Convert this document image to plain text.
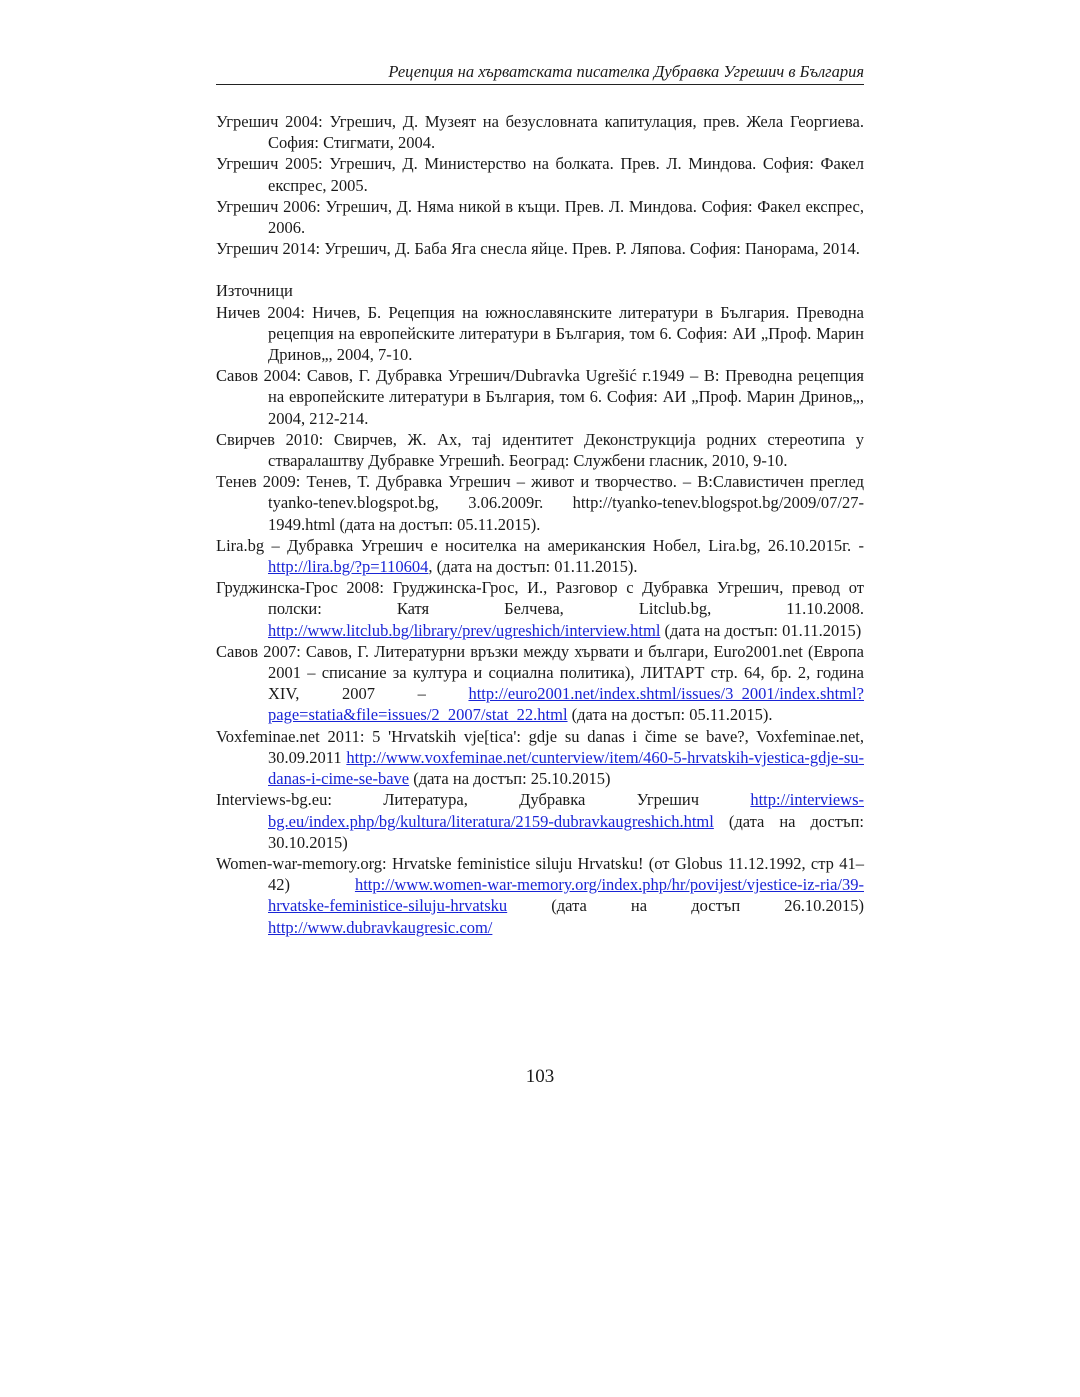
Рецепция на хърватската писателка Дубравка Угрешич в България

Угрешич 2004: Угрешич, Д. Музеят на безусловната капитулация, прев. Жела Георгиева. София: Стигмати, 2004.

Угрешич 2005: Угрешич, Д. Министерство на болката. Прев. Л. Миндова. София: Факел експрес, 2005.

Угрешич 2006: Угрешич, Д. Няма никой в къщи. Прев. Л. Миндова. София: Факел експрес, 2006.

Угрешич 2014: Угрешич, Д. Баба Яга снесла яйце. Прев. Р. Ляпова. София: Панорама, 2014.

Източници

Ничев 2004: Ничев, Б. Рецепция на южнославянските литератури в България. Преводна рецепция на европейските литератури в България, том 6. София: АИ „Проф. Марин Дринов„, 2004, 7-10.

Савов 2004: Савов, Г. Дубравка Угрешич/Dubravka Ugrešić г.1949 – В: Преводна рецепция на европейските литератури в България, том 6. София: АИ „Проф. Марин Дринов„, 2004, 212-214.

Свирчев 2010: Свирчев, Ж. Ах, тај идентитет Деконструкција родних стереотипа у стваралаштву Дубравке Угрешић. Београд: Службени гласник, 2010, 9-10.

Тенев 2009: Тенев, Т. Дубравка Угрешич – живот и творчество. – В:Славистичен преглед tyanko-tenev.blogspot.bg, 3.06.2009г. http://tyanko-tenev.blogspot.bg/2009/07/27-1949.html (дата на достъп: 05.11.2015).

Lira.bg – Дубравка Угрешич е носителка на американския Нобел, Lira.bg, 26.10.2015г. - http://lira.bg/?p=110604, (дата на достъп: 01.11.2015).

Груджинска-Грос 2008: Груджинска-Грос, И., Разговор с Дубравка Угрешич, превод от полски: Катя Белчева, Litclub.bg, 11.10.2008. http://www.litclub.bg/library/prev/ugreshich/interview.html (дата на достъп: 01.11.2015)

Савов 2007: Савов, Г. Литературни връзки между хървати и българи, Euro2001.net (Европа 2001 – списание за култура и социална политика), ЛИТАРТ стр. 64, бр. 2, година XIV, 2007 – http://euro2001.net/index.shtml/issues/3_2001/index.shtml?page=statia&file=issues/2_2007/stat_22.html (дата на достъп: 05.11.2015).

Voxfeminae.net 2011: 5 'Hrvatskih vje[tica': gdje su danas i čime se bave?, Voxfeminae.net, 30.09.2011 http://www.voxfeminae.net/cunterview/item/460-5-hrvatskih-vjestica-gdje-su-danas-i-cime-se-bave (дата на достъп: 25.10.2015)

Interviews-bg.eu: Литература, Дубравка Угрешич http://interviews-bg.eu/index.php/bg/kultura/literatura/2159-dubravkaugreshich.html (дата на достъп: 30.10.2015)

Women-war-memory.org: Hrvatske feministice siluju Hrvatsku! (от Globus 11.12.1992, стр 41–42) http://www.women-war-memory.org/index.php/hr/povijest/vjestice-iz-ria/39-hrvatske-feministice-siluju-hrvatsku (дата на достъп 26.10.2015) http://www.dubravkaugresic.com/

103
